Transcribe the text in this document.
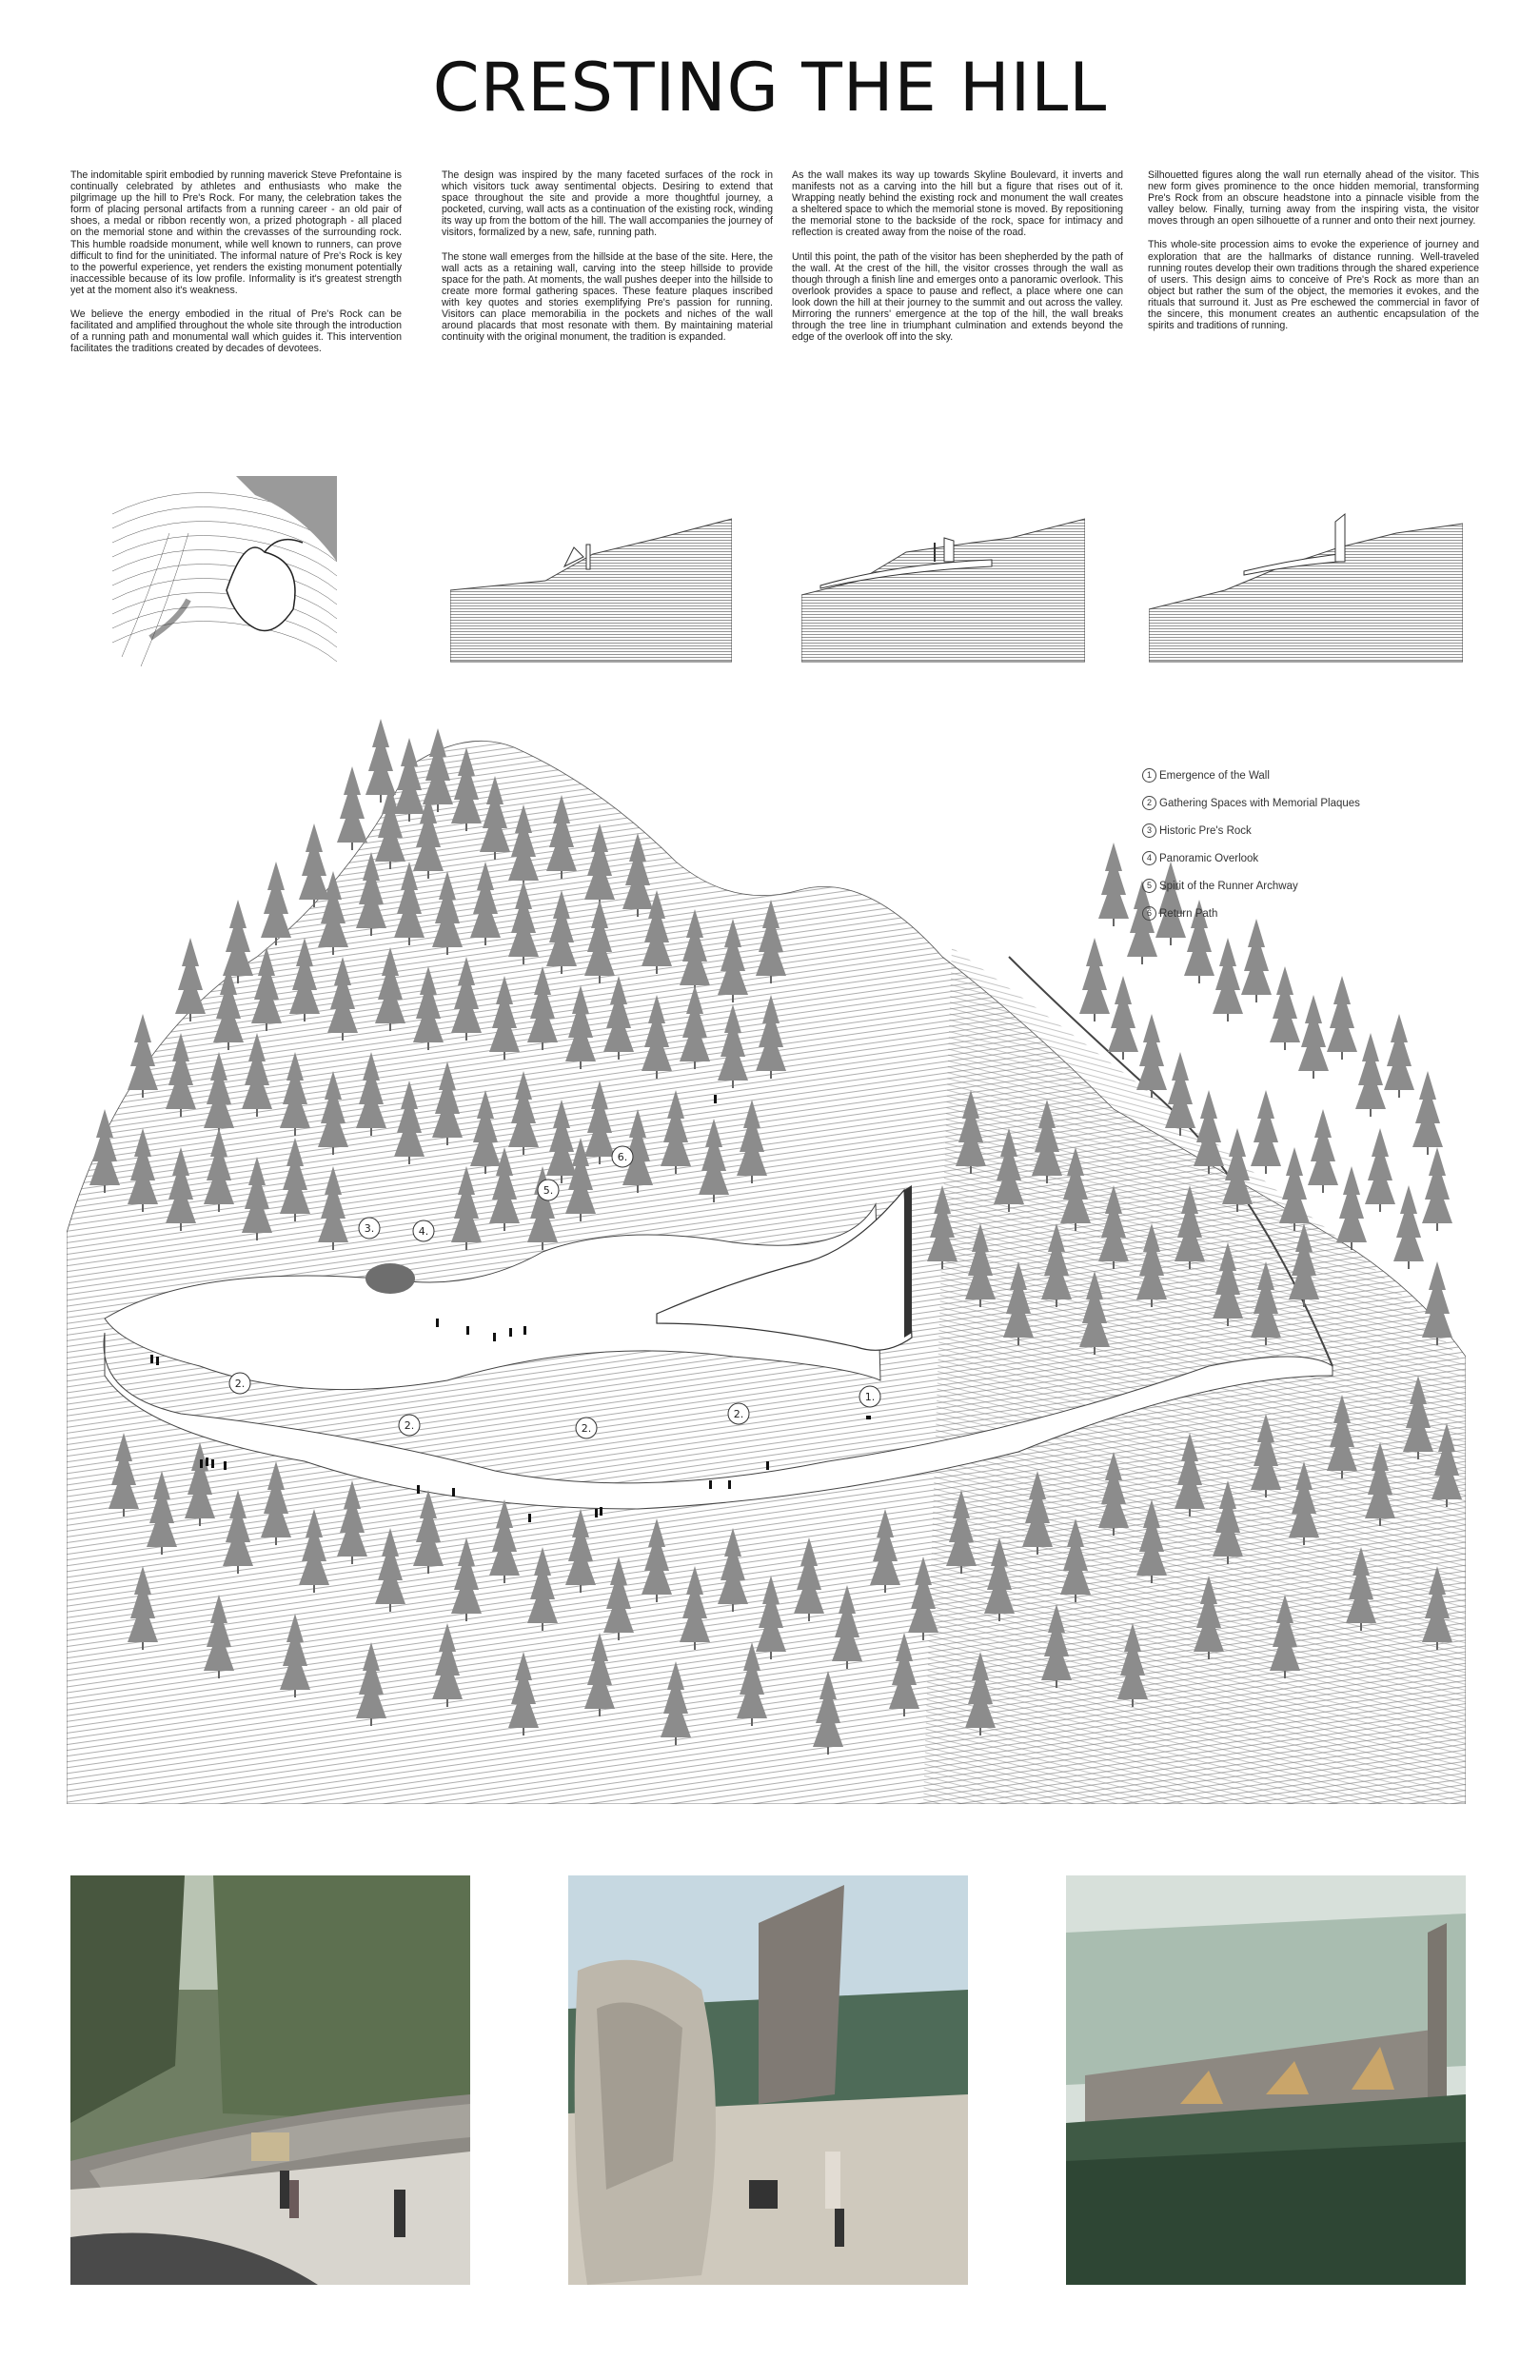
CRESTING THE HILL

The indomitable spirit embodied by running maverick Steve Prefontaine is continually celebrated by athletes and enthusiasts who make the pilgrimage up the hill to Pre's Rock. For many, the celebration takes the form of placing personal artifacts from a running career - an old pair of shoes, a medal or ribbon recently won, a prized photograph - all placed on the memorial stone and within the crevasses of the surrounding rock. This humble roadside monument, while well known to runners, can prove difficult to find for the uninitiated. The informal nature of Pre's Rock is key to the powerful experience, yet renders the existing monument potentially inaccessible because of its low profile. Informality is it's greatest strength yet at the moment also it's weakness.

We believe the energy embodied in the ritual of Pre's Rock can be facilitated and amplified throughout the whole site through the introduction of a running path and monumental wall which guides it. This intervention facilitates the traditions created by decades of devotees.

The design was inspired by the many faceted surfaces of the rock in which visitors tuck away sentimental objects. Desiring to extend that space throughout the site and provide a more thoughtful journey, a pocketed, curving, wall acts as a continuation of the existing rock, winding its way up from the bottom of the hill. The wall accompanies the journey of visitors, formalized by a new, safe, running path.

The stone wall emerges from the hillside at the base of the site. Here, the wall acts as a retaining wall, carving into the steep hillside to provide space for the path. At moments, the wall pushes deeper into the hillside to create more formal gathering spaces. These feature plaques inscribed with key quotes and stories exemplifying Pre's passion for running. Visitors can place memorabilia in the pockets and niches of the wall around placards that most resonate with them. By maintaining material continuity with the original monument, the tradition is expanded.

As the wall makes its way up towards Skyline Boulevard, it inverts and manifests not as a carving into the hill but a figure that rises out of it. Wrapping neatly behind the existing rock and monument the wall creates a sheltered space to which the memorial stone is moved. By repositioning the memorial stone to the backside of the rock, space for intimacy and reflection is created away from the noise of the road.

Until this point, the path of the visitor has been shepherded by the path of the wall. At the crest of the hill, the visitor crosses through the wall as though through a finish line and emerges onto a panoramic overlook. This overlook provides a space to pause and reflect, a place where one can look down the hill at their journey to the summit and out across the valley. Mirroring the runners' emergence at the top of the hill, the wall breaks through the tree line in triumphant culmination and extends beyond the edge of the overlook off into the sky.

Silhouetted figures along the wall run eternally ahead of the visitor. This new form gives prominence to the once hidden memorial, transforming Pre's Rock from an obscure headstone into a pinnacle visible from the valley below. Finally, turning away from the inspiring vista, the visitor moves through an open silhouette of a runner and onto their next journey.

This whole-site procession aims to evoke the experience of journey and exploration that are the hallmarks of distance running. Well-traveled running routes develop their own traditions through the shared experience of users. This design aims to conceive of Pre's Rock as more than an object but rather the sum of the object, the memories it evokes, and the rituals that surround it. Just as Pre eschewed the commercial in favor of the sincere, this monument creates an authentic encapsulation of the spirits and traditions of running.

1.
2.
2.	2.
2.
3.	4.
5.
6.
1 Emergence of the Wall
2 Gathering Spaces with Memorial Plaques
3 Historic Pre's Rock
4 Panoramic Overlook
5 Spirit of the Runner Archway
6 Return Path
